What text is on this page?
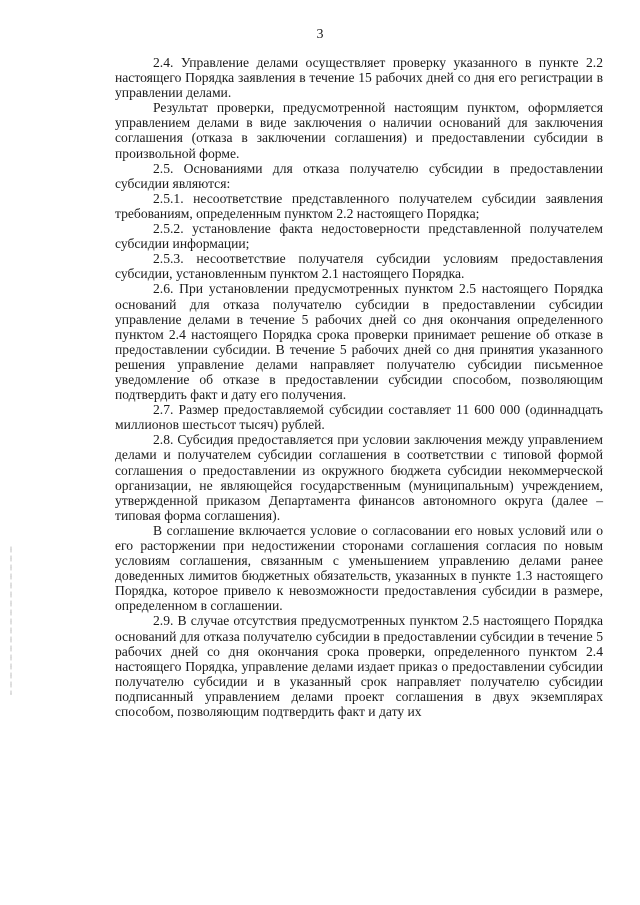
3

2.4. Управление делами осуществляет проверку указанного в пункте 2.2 настоящего Порядка заявления в течение 15 рабочих дней со дня его регистрации в управлении делами.

Результат проверки, предусмотренной настоящим пунктом, оформляется управлением делами в виде заключения о наличии оснований для заключения соглашения (отказа в заключении соглашения) и предоставлении субсидии в произвольной форме.

2.5. Основаниями для отказа получателю субсидии в предоставлении субсидии являются:

2.5.1. несоответствие представленного получателем субсидии заявления требованиям, определенным пунктом 2.2 настоящего Порядка;

2.5.2. установление факта недостоверности представленной получателем субсидии информации;

2.5.3. несоответствие получателя субсидии условиям предоставления субсидии, установленным пунктом 2.1 настоящего Порядка.

2.6. При установлении предусмотренных пунктом 2.5 настоящего Порядка оснований для отказа получателю субсидии в предоставлении субсидии управление делами в течение 5 рабочих дней со дня окончания определенного пунктом 2.4 настоящего Порядка срока проверки принимает решение об отказе в предоставлении субсидии. В течение 5 рабочих дней со дня принятия указанного решения управление делами направляет получателю субсидии письменное уведомление об отказе в предоставлении субсидии способом, позволяющим подтвердить факт и дату его получения.

2.7. Размер предоставляемой субсидии составляет 11 600 000 (одиннадцать миллионов шестьсот тысяч) рублей.

2.8. Субсидия предоставляется при условии заключения между управлением делами и получателем субсидии соглашения в соответствии с типовой формой соглашения о предоставлении из окружного бюджета субсидии некоммерческой организации, не являющейся государственным (муниципальным) учреждением, утвержденной приказом Департамента финансов автономного округа (далее – типовая форма соглашения).

В соглашение включается условие о согласовании его новых условий или о его расторжении при недостижении сторонами соглашения согласия по новым условиям соглашения, связанным с уменьшением управлению делами ранее доведенных лимитов бюджетных обязательств, указанных в пункте 1.3 настоящего Порядка, которое привело к невозможности предоставления субсидии в размере, определенном в соглашении.

2.9. В случае отсутствия предусмотренных пунктом 2.5 настоящего Порядка оснований для отказа получателю субсидии в предоставлении субсидии в течение 5 рабочих дней со дня окончания срока проверки, определенного пунктом 2.4 настоящего Порядка, управление делами издает приказ о предоставлении субсидии получателю субсидии и в указанный срок направляет получателю субсидии подписанный управлением делами проект соглашения в двух экземплярах способом, позволяющим подтвердить факт и дату их
